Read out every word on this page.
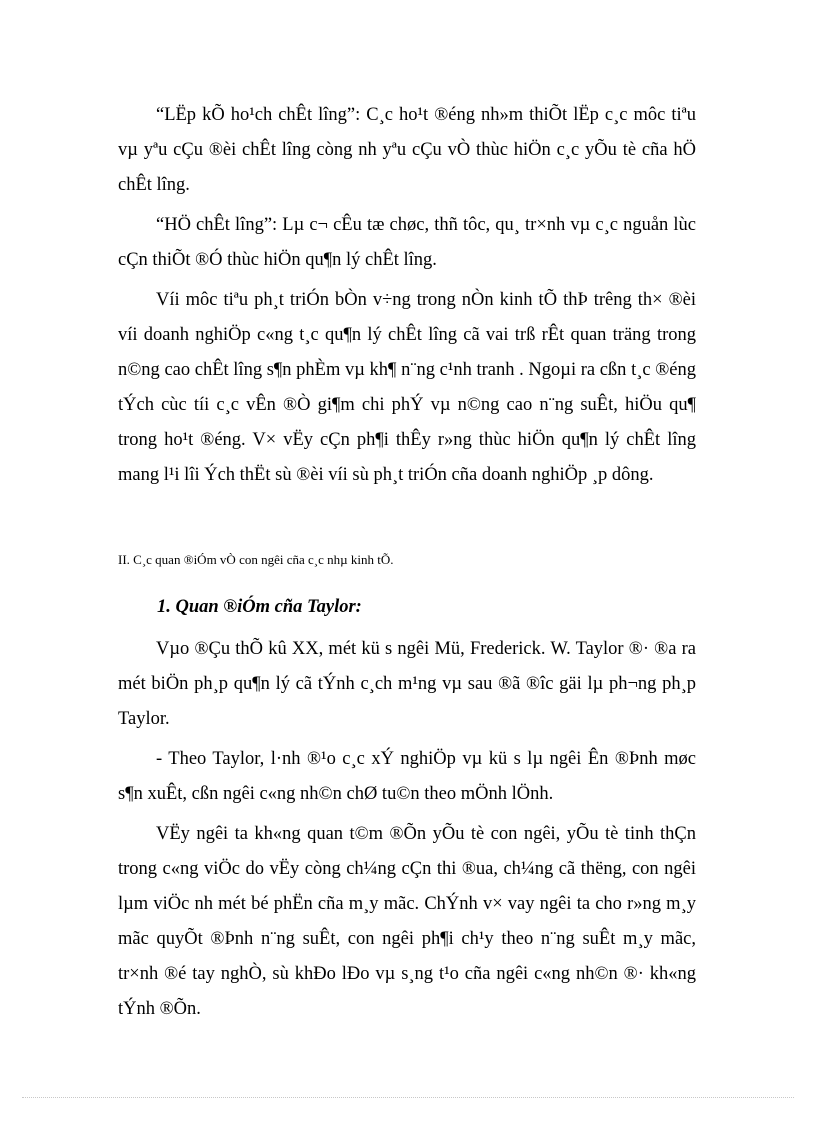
“LËp kÕ ho¹ch chÊt lîng”: C¸c ho¹t ®éng nh»m thiÕt lËp c¸c môc tiªu vµ yªu cÇu ®èi chÊt lîng còng nh yªu cÇu vÒ thùc hiÖn c¸c yÕu tè cña hÖ chÊt lîng.

“HÖ chÊt lîng”: Lµ c¬ cÊu tæ chøc, thñ tôc, qu¸ tr×nh vµ c¸c nguån lùc cÇn thiÕt ®Ó thùc hiÖn qu¶n lý chÊt lîng.

Víi môc tiªu ph¸t triÓn bÒn v÷ng trong nÒn kinh tÕ thÞ trêng th× ®èi víi doanh nghiÖp c«ng t¸c qu¶n lý chÊt lîng cã vai trß rÊt quan träng trong n©ng cao chÊt lîng s¶n phÈm vµ kh¶ n¨ng c¹nh tranh . Ngoµi ra cßn t¸c ®éng tÝch cùc tíi c¸c vÊn ®Ò gi¶m chi phÝ vµ n©ng cao n¨ng suÊt, hiÖu qu¶ trong ho¹t ®éng. V× vËy cÇn ph¶i thÊy r»ng thùc hiÖn qu¶n lý chÊt lîng mang l¹i lîi Ých thËt sù ®èi víi sù ph¸t triÓn cña doanh nghiÖp ¸p dông.

II. C¸c quan ®iÓm vÒ con ngêi cña c¸c nhµ kinh tÕ.

1. Quan ®iÓm cña Taylor:

Vµo ®Çu thÕ kû XX, mét kü s ngêi Mü, Frederick. W. Taylor ®· ®a ra mét biÖn ph¸p qu¶n lý cã tÝnh c¸ch m¹ng vµ sau ®ã ®îc gäi lµ ph¬ng ph¸p Taylor.

- Theo Taylor, l·nh ®¹o c¸c xÝ nghiÖp vµ kü s lµ ngêi Ên ®Þnh møc s¶n xuÊt, cßn ngêi c«ng nh©n chØ tu©n theo mÖnh lÖnh.

VËy ngêi ta kh«ng quan t©m ®Õn yÕu tè con ngêi, yÕu tè tinh thÇn trong c«ng viÖc do vËy còng ch¼ng cÇn thi ®ua, ch¼ng cã thëng, con ngêi lµm viÖc nh mét bé phËn cña m¸y mãc. ChÝnh v× vay ngêi ta cho r»ng m¸y mãc quyÕt ®Þnh n¨ng suÊt, con ngêi ph¶i ch¹y theo n¨ng suÊt m¸y mãc, tr×nh ®é tay nghÒ, sù khÐo lÐo vµ s¸ng t¹o cña ngêi c«ng nh©n ®· kh«ng tÝnh ®Õn.
